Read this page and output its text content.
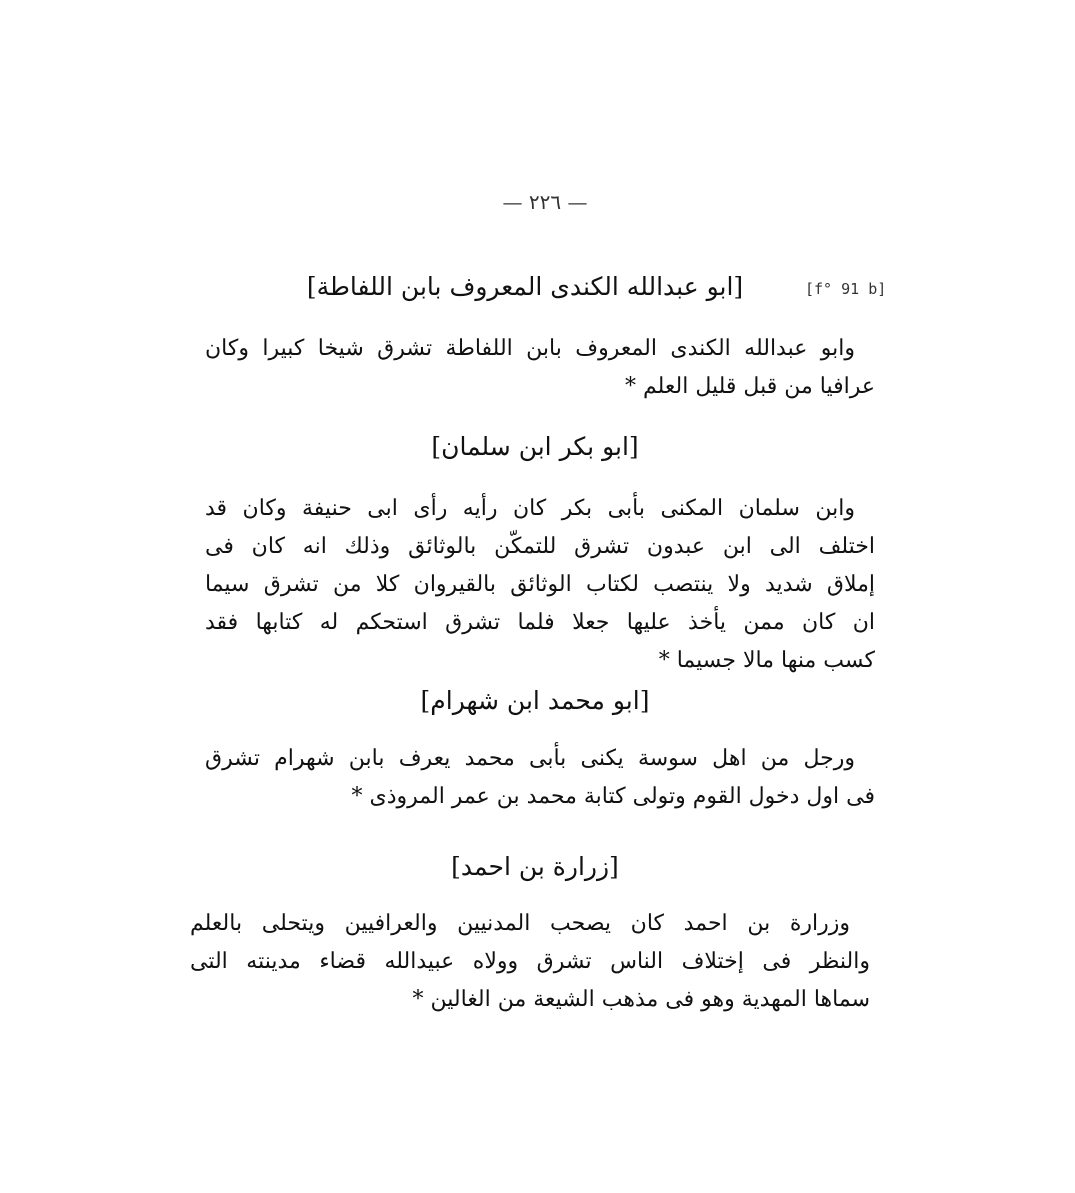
— ٢٢٦ —
[f° 91 b]
[ابو عبدالله الكندى المعروف بابن اللفاطة]
وابو عبدالله الكندى المعروف بابن اللفاطة تشرق شيخا كبيرا وكان
عرافيا من قبل قليل العلم *
[ابو بكر ابن سلمان]
وابن سلمان المكنى بأبى بكر كان رأيه رأى ابى حنيفة وكان قد
اختلف الى ابن عبدون تشرق للتمكّن بالوثائق وذلك انه كان فى
إملاق شديد ولا ينتصب لكتاب الوثائق بالقيروان كلا من تشرق سيما
ان كان ممن يأخذ عليها جعلا فلما تشرق استحكم له كتابها فقد
كسب منها مالا جسيما *
[ابو محمد ابن شهرام]
ورجل من اهل سوسة يكنى بأبى محمد يعرف بابن شهرام تشرق
فى اول دخول القوم وتولى كتابة محمد بن عمر المروذى *
[زرارة بن احمد]
وزرارة بن احمد كان يصحب المدنيين والعرافيين ويتحلى بالعلم
والنظر فى إختلاف الناس تشرق وولاه عبيدالله قضاء مدينته التى
سماها المهدية وهو فى مذهب الشيعة من الغالين *
